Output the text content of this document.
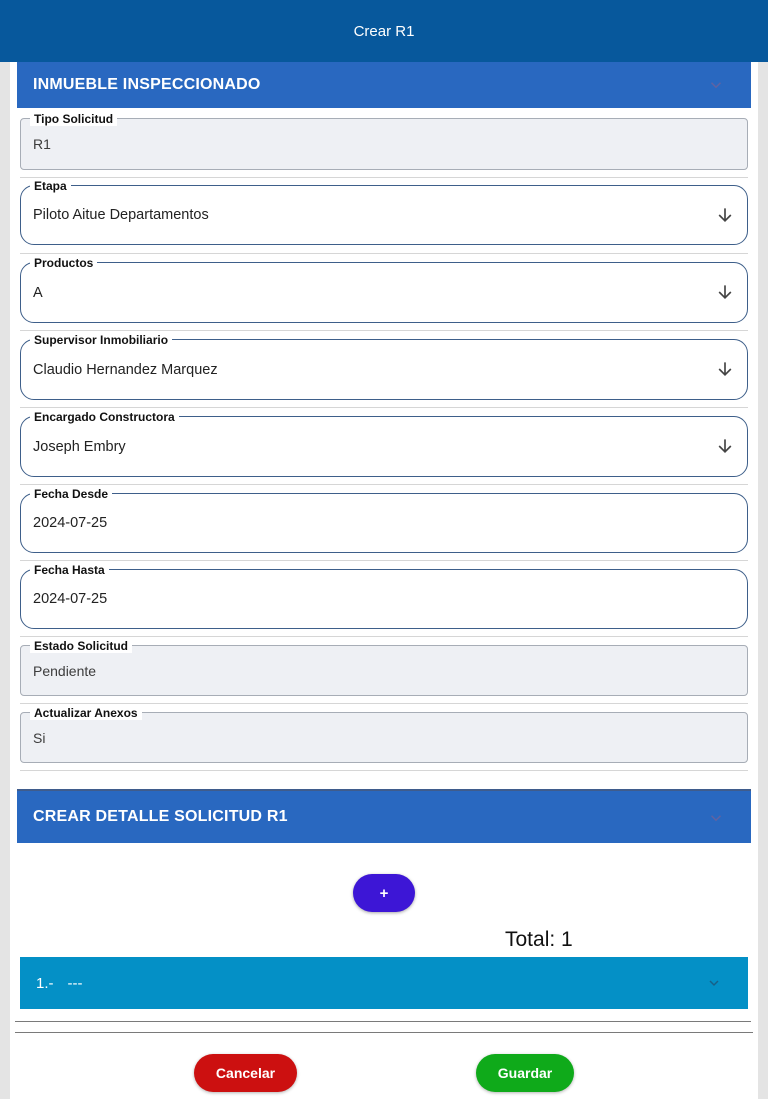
Crear R1
INMUEBLE INSPECCIONADO
Tipo Solicitud
R1
Etapa
Piloto Aitue Departamentos
Productos
A
Supervisor Inmobiliario
Claudio Hernandez Marquez
Encargado Constructora
Joseph Embry
Fecha Desde
2024-07-25
Fecha Hasta
2024-07-25
Estado Solicitud
Pendiente
Actualizar Anexos
Si
CREAR DETALLE SOLICITUD R1
+
Total: 1
1.- ---
Cancelar	Guardar
